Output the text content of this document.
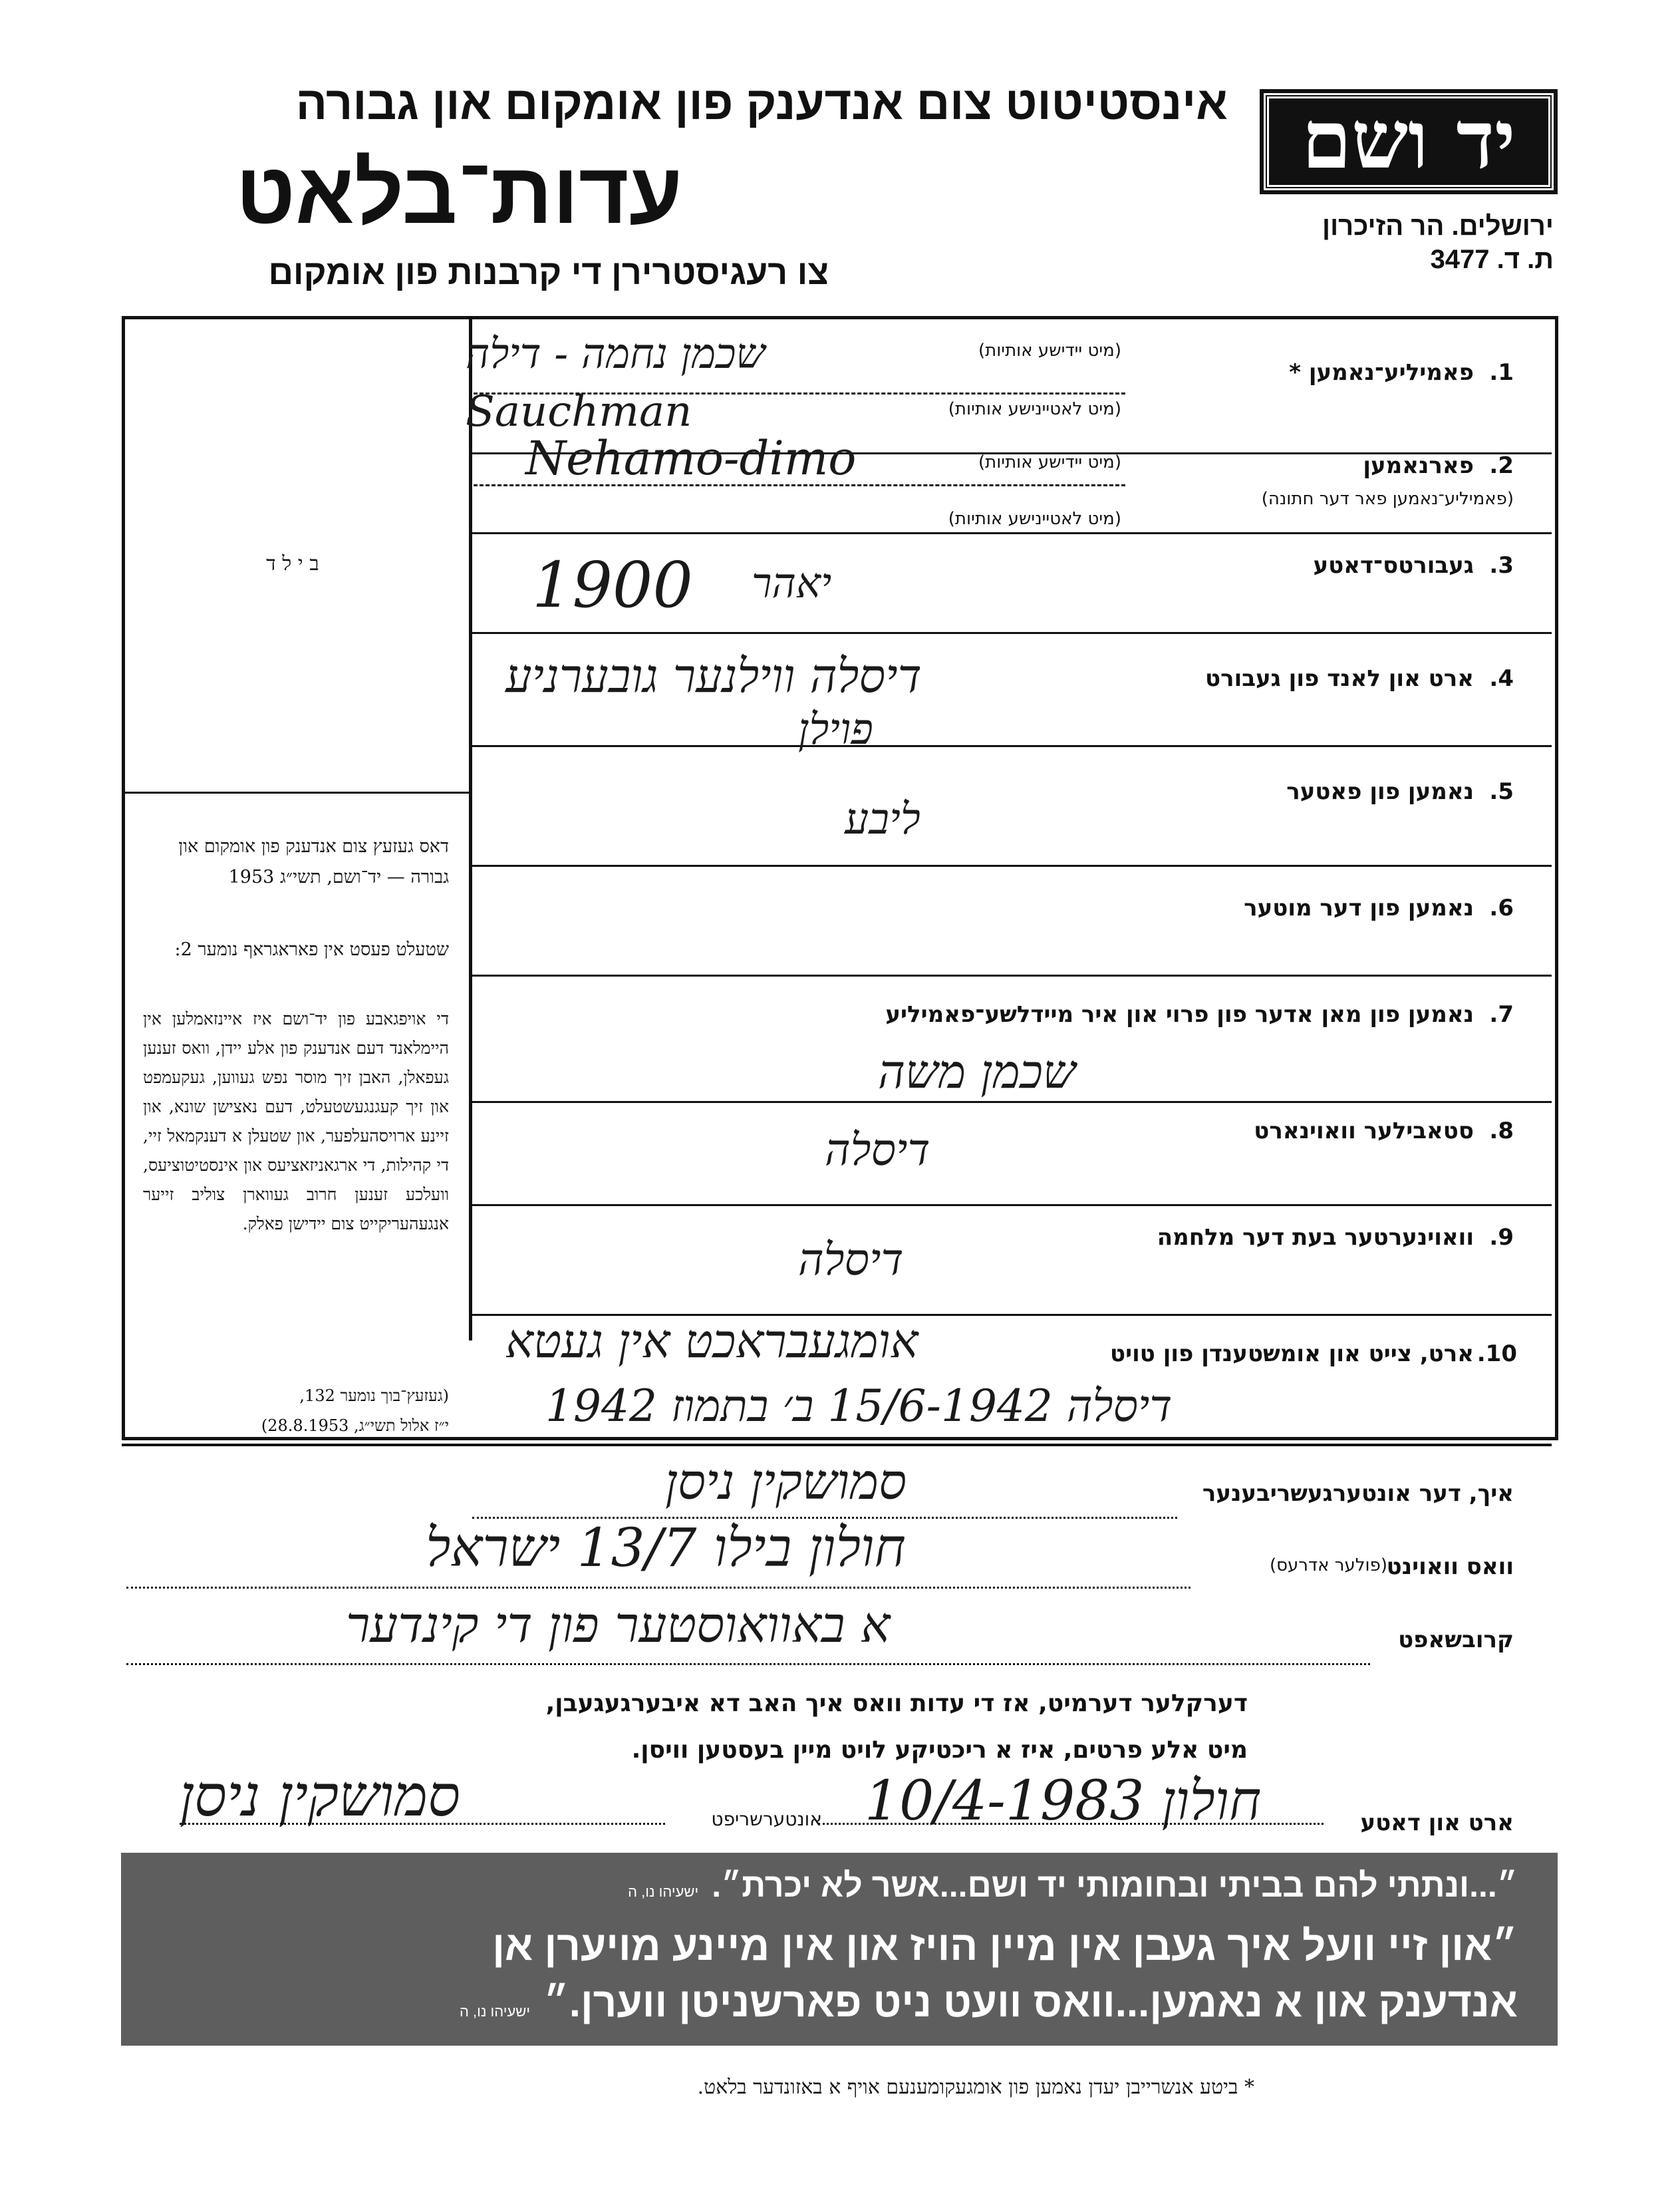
אינסטיטוט צום אנדענק פון אומקום און גבורה
עדות־בלאט
צו רעגיסטרירן די קרבנות פון אומקום
יד ושם
ירושלים. הר הזיכרון
ת. ד. 3477
ב י ל ד
דאס געזעץ צום אנדענק פון אומקום און גבורה — יד־ושם, תשי״ג 1953
שטעלט פעסט אין פאראגראף נומער 2:
די אויפגאבע פון יד־ושם איז איינזאמלען אין היימלאנד דעם אנדענק פון אלע יידן, וואס זענען געפאלן, האבן זיך מוסר נפש געווען, געקעמפט און זיך קעגנגעשטעלט, דעם נאצישן שונא, און זיינע ארויסהעלפער, און שטעלן א דענקמאל זיי, די קהילות, די ארגאניזאציעס און אינסטיטוציעס, וועלכע זענען חרוב געווארן צוליב זייער אנגעהעריקייט צום יידישן פאלק.
(געזעץ־בוך נומער 132,
י״ז אלול תשי״ג, 28.8.1953)
1.
פאמיליע־נאמען *
(מיט יידישע אותיות)
(מיט לאטיינישע אותיות)
שכמן נחמה - דילה
Sauchman
2.
פארנאמען
(פאמיליע־נאמען פאר דער חתונה)
(מיט יידישע אותיות)
(מיט לאטיינישע אותיות)
Nehamo-dimo
3.
געבורטס־דאטע
1900 יאהר
4.
ארט און לאנד פון געבורט
דיסלה ווילנער גובערניע
פוילן
5.
נאמען פון פאטער
ליבע
6.
נאמען פון דער מוטער
7.
נאמען פון מאן אדער פון פרוי און איר מיידלשע־פאמיליע
שכמן משה
8.
סטאבילער וואוינארט
דיסלה
9.
וואוינערטער בעת דער מלחמה
דיסלה
10.
ארט, צייט און אומשטענדן פון טויט
אומגעבראכט אין געטא
דיסלה 15/6-1942 ב׳ בתמוז 1942
איך, דער אונטערגעשריבענער
סמושקין ניסן
וואס וואוינט
(פולער אדרעס)
חולון בילו 13/7 ישראל
קרובשאפט
א באוואוסטער פון די קינדער
דערקלער דערמיט, אז די עדות וואס איך האב דא איבערגעגעבן,
מיט אלע פרטים, איז א ריכטיקע לויט מיין בעסטען וויסן.
ארט און דאטע
חולון 10/4-1983
אונטערשריפט
סמושקין ניסן
״...ונתתי להם בביתי ובחומותי יד ושם...אשר לא יכרת״.ישעיהו נו, ה
״און זיי וועל איך געבן אין מיין הויז און אין מיינע מויערן אן
אנדענק און א נאמען...וואס וועט ניט פארשניטן ווערן.״ישעיהו נו, ה
* ביטע אנשרייבן יעדן נאמען פון אומגעקומענעם אויף א באזונדער בלאט.
